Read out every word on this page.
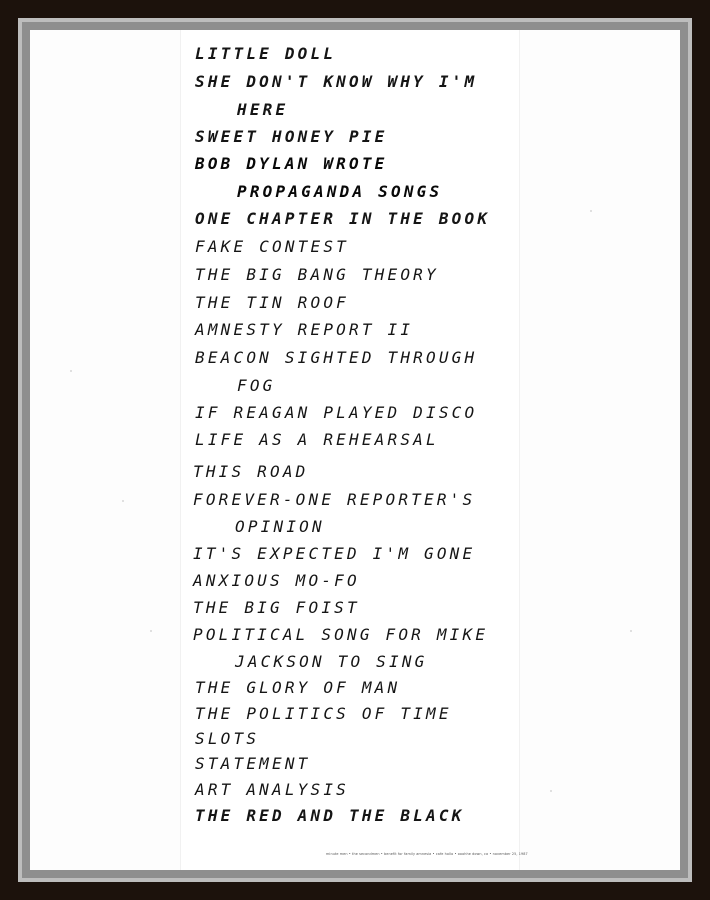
LITTLE DOLL
SHE DON'T KNOW WHY I'M
HERE
SWEET HONEY PIE
BOB DYLAN WROTE
PROPAGANDA SONGS
ONE CHAPTER IN THE BOOK
FAKE CONTEST
THE BIG BANG THEORY
THE TIN ROOF
AMNESTY REPORT II
BEACON SIGHTED THROUGH
FOG
IF REAGAN PLAYED DISCO
LIFE AS A REHEARSAL
THIS ROAD
FOREVER-ONE REPORTER'S
OPINION
IT'S EXPECTED I'M GONE
ANXIOUS MO-FO
THE BIG FOIST
POLITICAL SONG FOR MIKE
JACKSON TO SING
THE GLORY OF MAN
THE POLITICS OF TIME
SLOTS
STATEMENT
ART ANALYSIS
THE RED AND THE BLACK
minute men • the secondmen • benefit for family amnesia • cafe hollo • ooohhe down, ca • november 25, 1987
